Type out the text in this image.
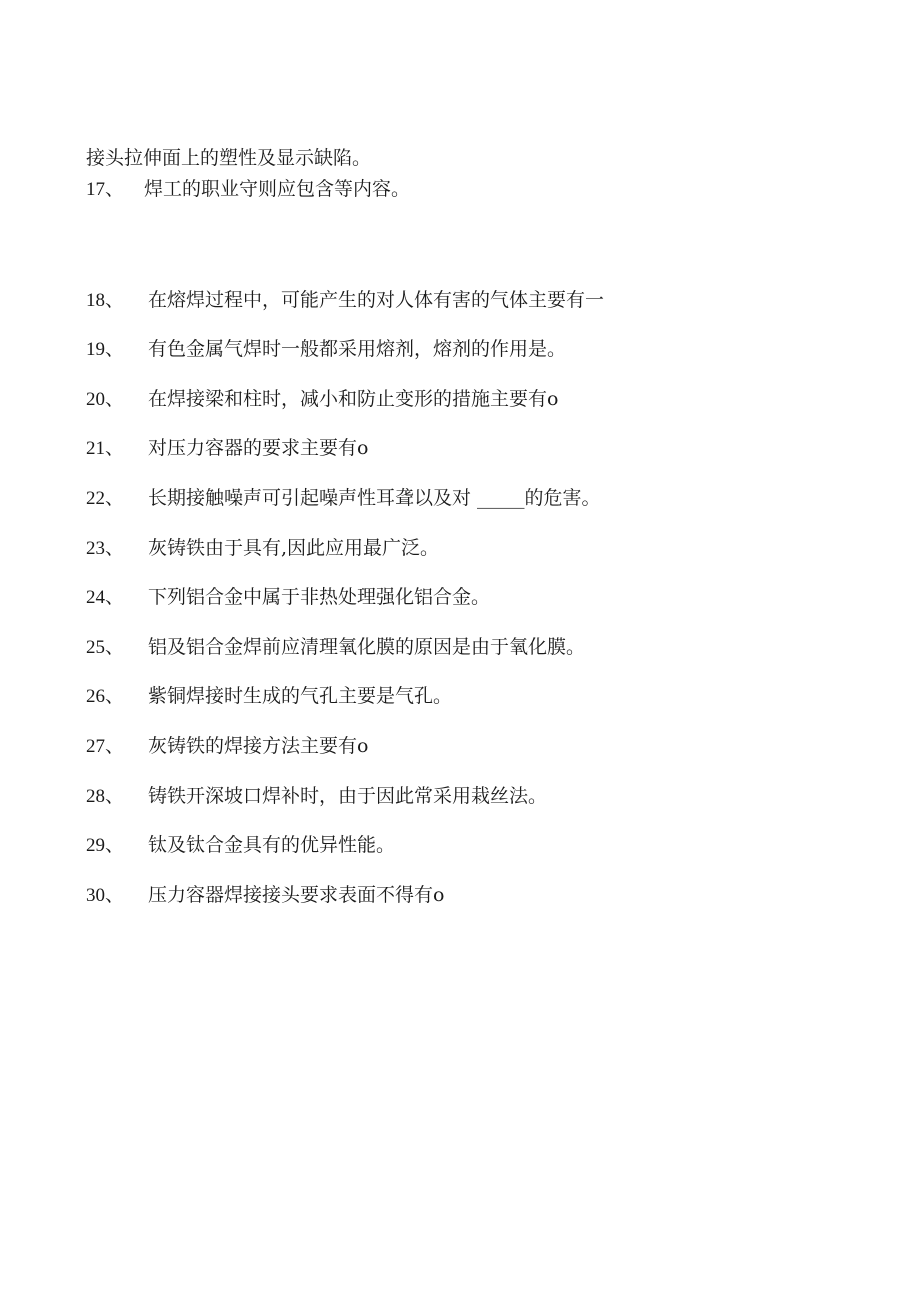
接头拉伸面上的塑性及显示缺陷。
17、 焊工的职业守则应包含等内容。
18、 在熔焊过程中，可能产生的对人体有害的气体主要有一
19、 有色金属气焊时一般都采用熔剂，熔剂的作用是。
20、 在焊接梁和柱时，减小和防止变形的措施主要有o
21、 对压力容器的要求主要有o
22、 长期接触噪声可引起噪声性耳聋以及对 _____的危害。
23、 灰铸铁由于具有,因此应用最广泛。
24、 下列铝合金中属于非热处理强化铝合金。
25、 铝及铝合金焊前应清理氧化膜的原因是由于氧化膜。
26、 紫铜焊接时生成的气孔主要是气孔。
27、 灰铸铁的焊接方法主要有o
28、 铸铁开深坡口焊补时，由于因此常采用栽丝法。
29、 钛及钛合金具有的优异性能。
30、 压力容器焊接接头要求表面不得有o
